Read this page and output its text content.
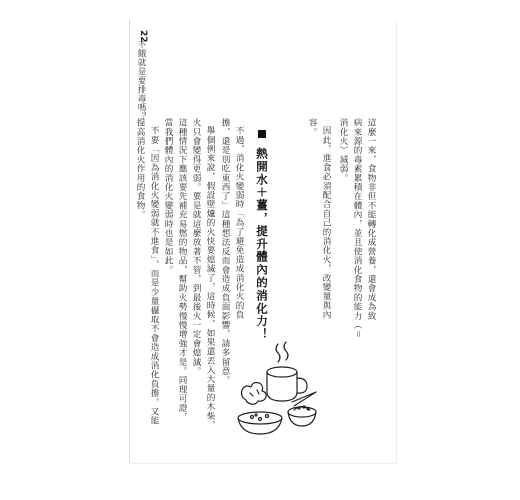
這麼一來，食物非但不能轉化成營養，還會成為致
病來源的毒素累積在體內，並且使消化食物的能力（＝
消化火）減弱。
因此，進食必須配合自己的消化火，改變量與內
容。
熱開水＋薑，提升體內的消化力！
不過，消化火變弱時「為了避免造成消化火的負
擔，還是別吃東西了」這種想法反而會造成負面影響，請多留意。
舉個例來說，假設壁爐的火快要熄滅了，這時候，如果還丟入大量的木柴，
火只會變得更弱。要是就這麼放著不管，到最後火一定會熄滅。
這種情況下應該要先補充易燃的物品，幫助火勢慢慢增強才是。同理可證，
當我們體內的消化火變弱時也是如此。
不要「因為消化火變弱就不進食」，而是少量攝取不會造成消化負擔，又能
提高消化火作用的食物。
22
不餓就是要排毒嗎？
